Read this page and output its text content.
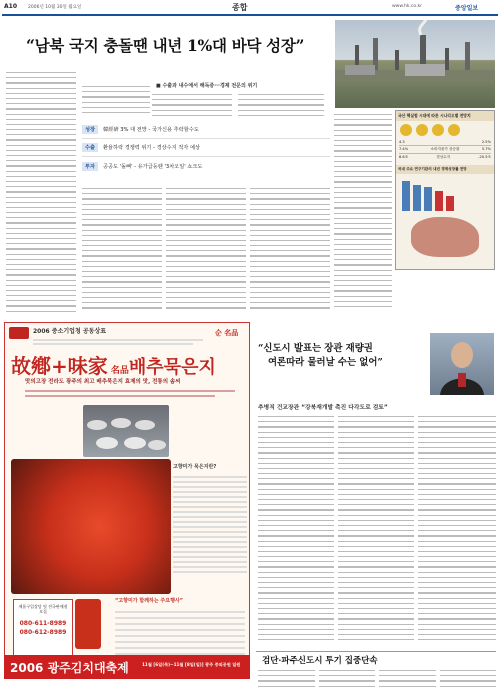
A10 2006년 10월 30일 월요일	종합	www.hk.co.kr	중앙일보
“남북 국지 충돌땐 내년 1%대 바닥 성장”
■ 수출과 내수에서 해독증···경제 전문의 위기
성장	韓經硏 3% 대 전망 - 국가신용 추락할수도
수출	환율하락 경쟁력 위기 - 경상수지 적자 예상
투자	공공도 '돌뼈' - 유가급등땐 '3차오일' 쇼크도
국산 핵실험 시대에 따른 시나리오별 전망치
4.3	2.5%
7.4%	소비자물가 상승률	5.7%
8.6조	경상수지	-20.5조
국내 주요 연구기관의 내년 경제성장률 전망
2006 중소기업청 공동상표	순 名品
故鄕+味家 名品배추묵은지
맛의고장 전라도 광주의 최고 배추묵은지 효제의 맛, 전통의 솜씨
고향미가 묵은지란?
제품구입상담 및 전국판매점 모집
080-611-8989
080-612-8989
“고향미가 함께하는 주요행사”
2006 광주김치대축제	11월 [6일(목)~11월 [8일(일)] 광주 중외공원 일원
“신도시 발표는 장관 재량권
여론따라 물러날 수는 없어”
추병직 건교장관 “강북재개발 촉진 다각도로 검토”
검단·파주신도시 투기 집중단속
